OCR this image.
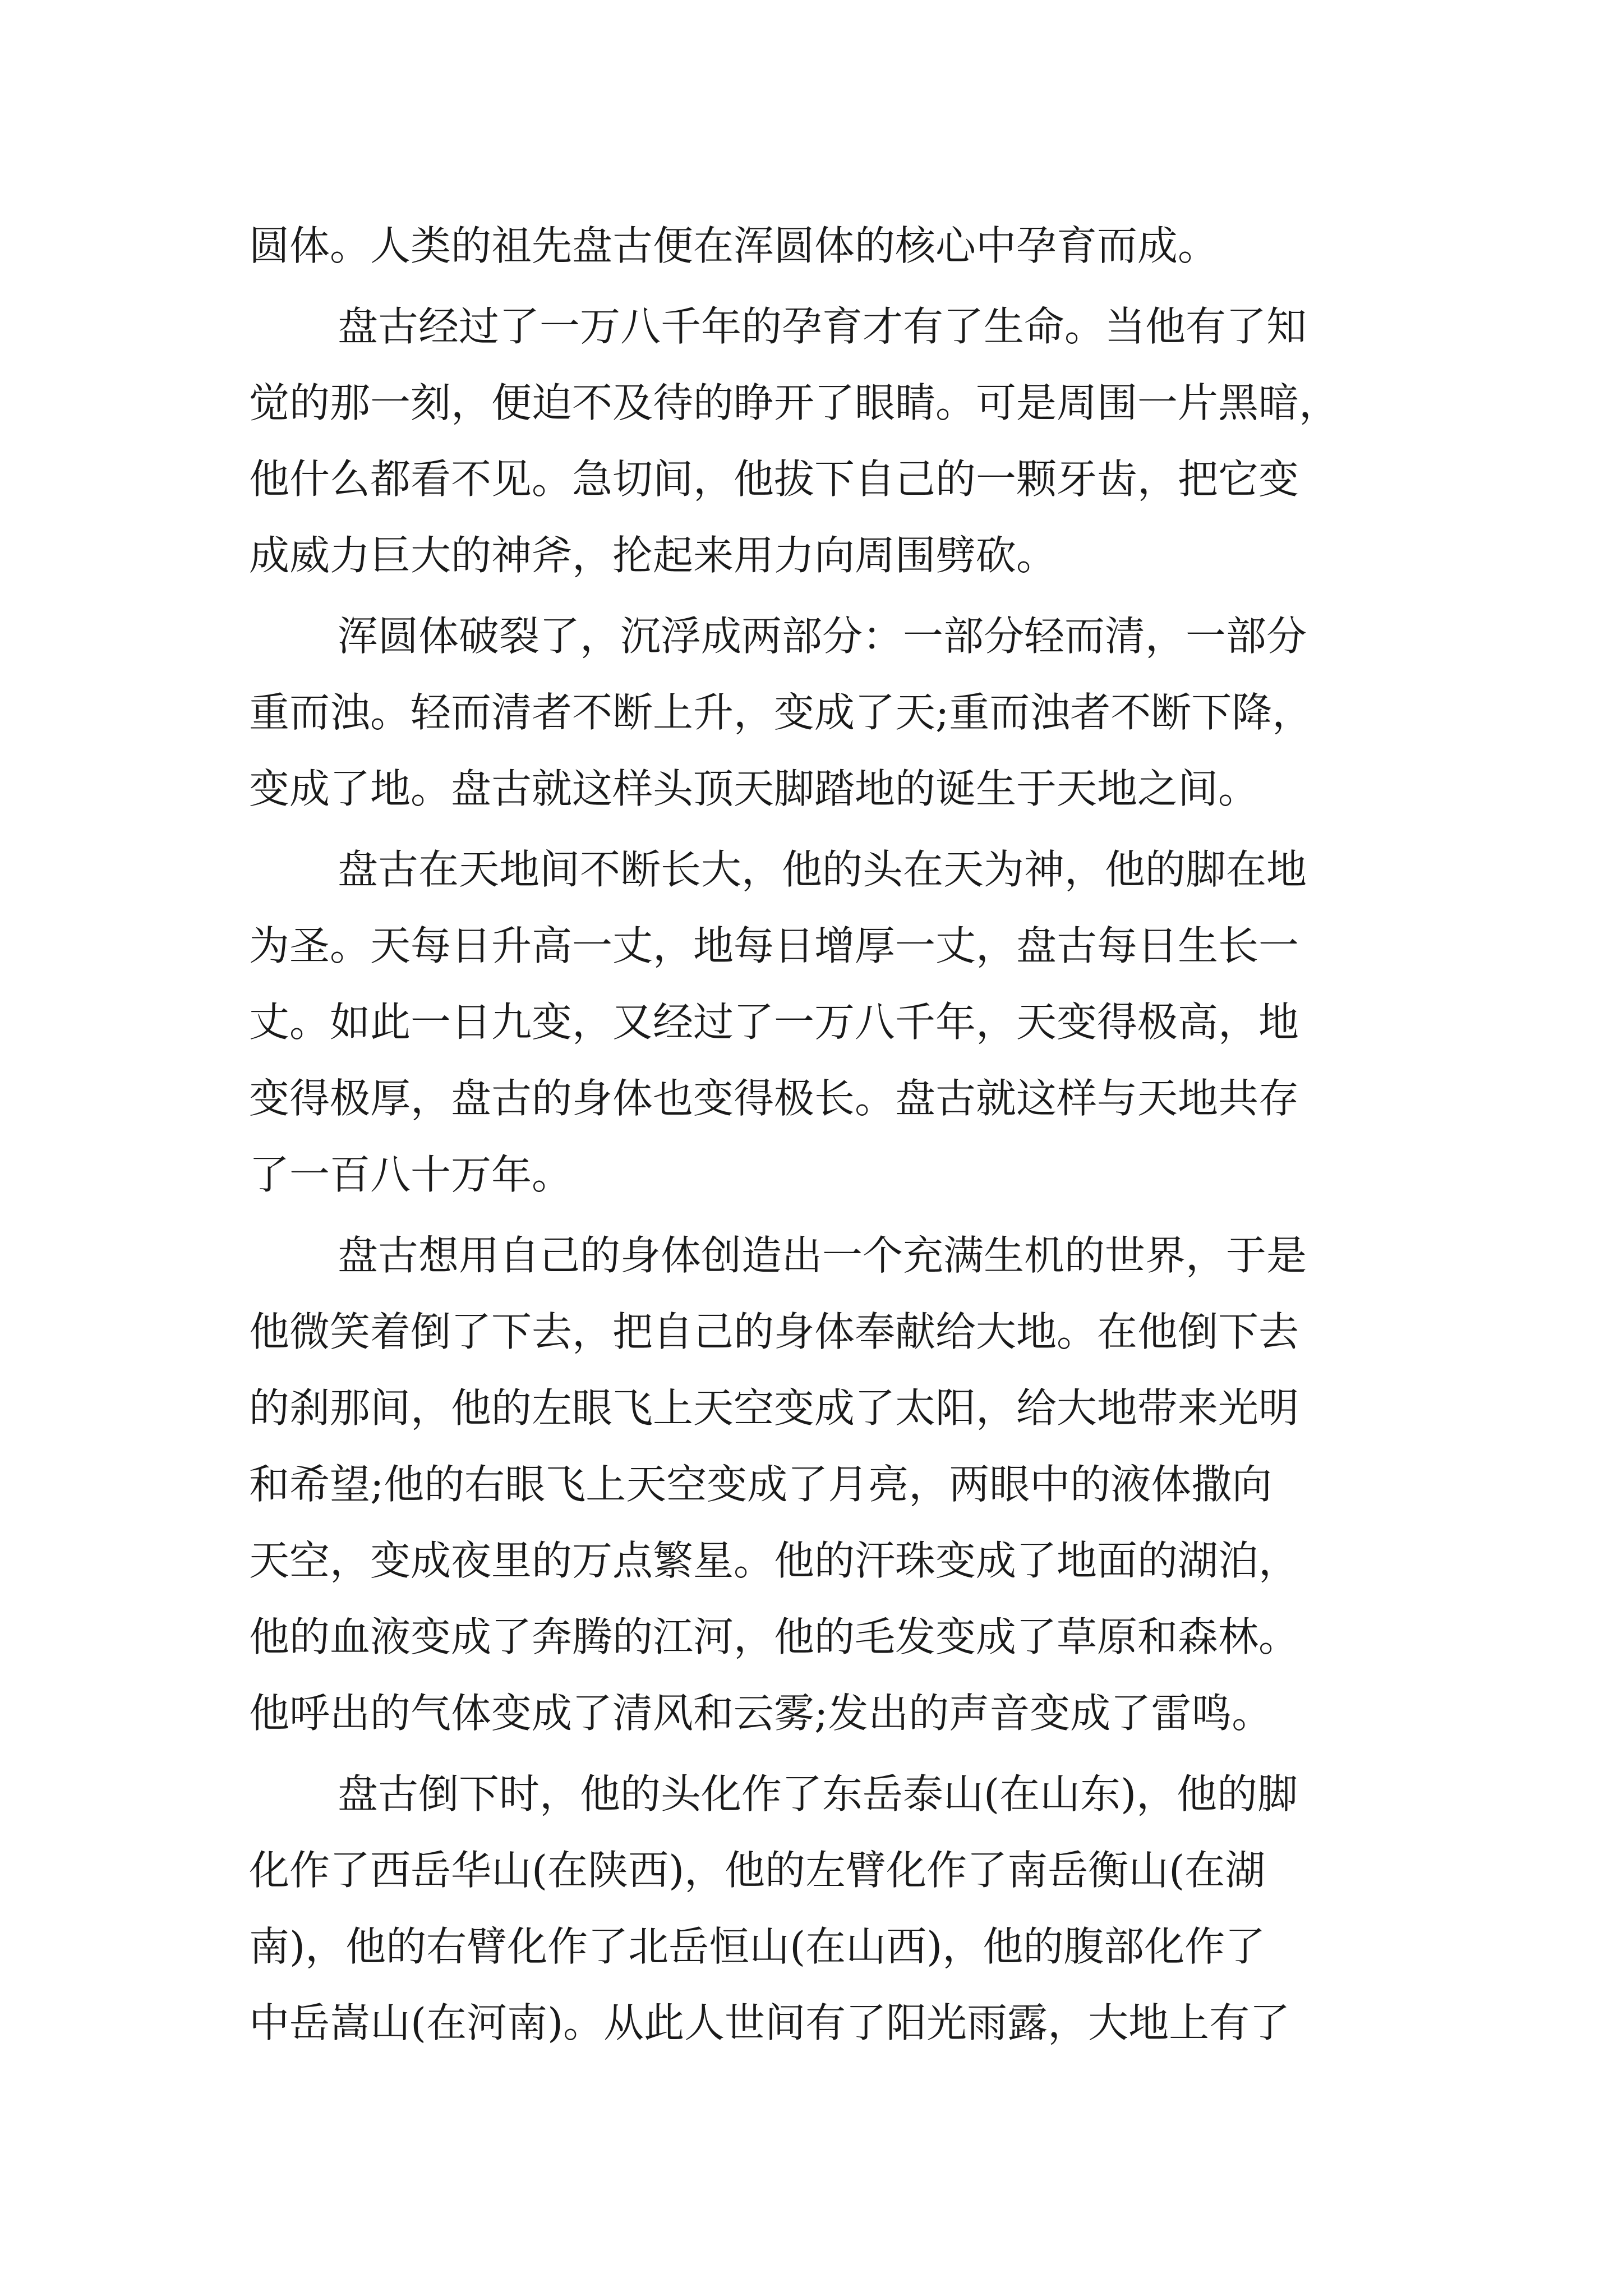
圆体。人类的祖先盘古便在浑圆体的核心中孕育而成。
盘古经过了一万八千年的孕育才有了生命。当他有了知
觉的那一刻，便迫不及待的睁开了眼睛。可是周围一片黑暗，
他什么都看不见。急切间，他拔下自己的一颗牙齿，把它变
成威力巨大的神斧，抡起来用力向周围劈砍。
浑圆体破裂了，沉浮成两部分：一部分轻而清，一部分
重而浊。轻而清者不断上升，变成了天;重而浊者不断下降，
变成了地。盘古就这样头顶天脚踏地的诞生于天地之间。
盘古在天地间不断长大，他的头在天为神，他的脚在地
为圣。天每日升高一丈，地每日增厚一丈，盘古每日生长一
丈。如此一日九变，又经过了一万八千年，天变得极高，地
变得极厚，盘古的身体也变得极长。盘古就这样与天地共存
了一百八十万年。
盘古想用自己的身体创造出一个充满生机的世界，于是
他微笑着倒了下去，把自己的身体奉献给大地。在他倒下去
的刹那间，他的左眼飞上天空变成了太阳，给大地带来光明
和希望;他的右眼飞上天空变成了月亮，两眼中的液体撒向
天空，变成夜里的万点繁星。他的汗珠变成了地面的湖泊，
他的血液变成了奔腾的江河，他的毛发变成了草原和森林。
他呼出的气体变成了清风和云雾;发出的声音变成了雷鸣。
盘古倒下时，他的头化作了东岳泰山(在山东)，他的脚
化作了西岳华山(在陕西)，他的左臂化作了南岳衡山(在湖
南)，他的右臂化作了北岳恒山(在山西)，他的腹部化作了
中岳嵩山(在河南)。从此人世间有了阳光雨露，大地上有了
